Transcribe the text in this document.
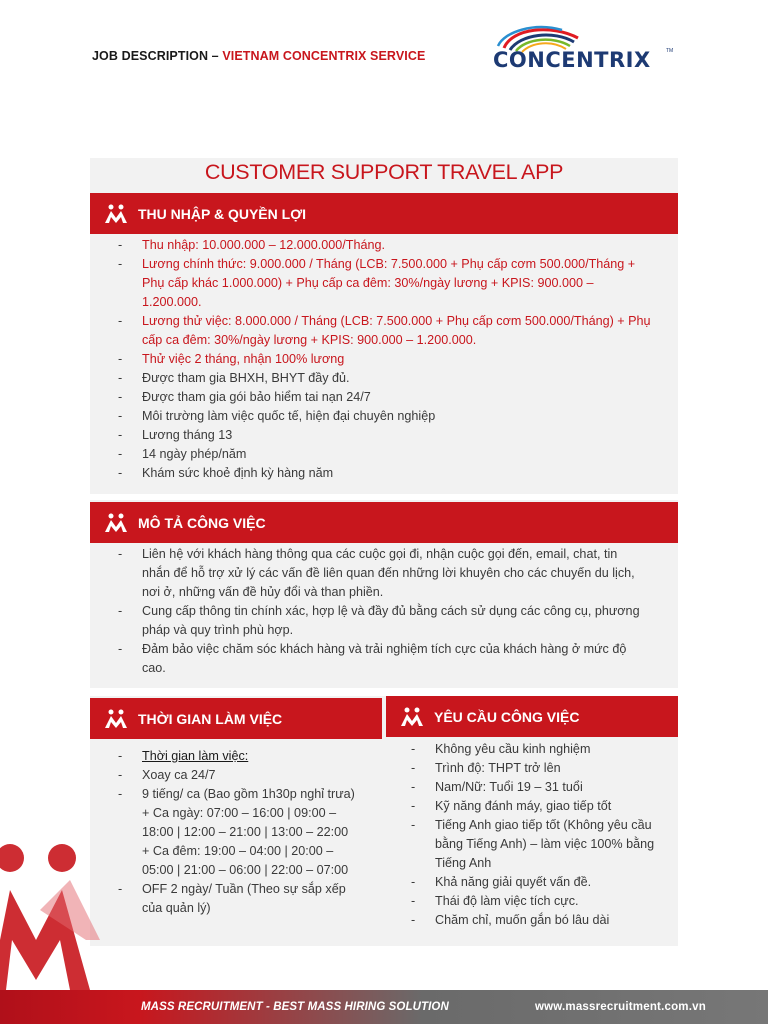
JOB DESCRIPTION – VIETNAM CONCENTRIX SERVICE	CONCENTRIX	TM
CUSTOMER SUPPORT TRAVEL APP
THU NHẬP & QUYỀN LỢI
- Thu nhập: 10.000.000 – 12.000.000/Tháng.
- Lương chính thức: 9.000.000 / Tháng (LCB: 7.500.000 + Phụ cấp cơm 500.000/Tháng +
Phụ cấp khác 1.000.000) + Phụ cấp ca đêm: 30%/ngày lương + KPIS: 900.000 –
1.200.000.
- Lương thử việc: 8.000.000 / Tháng (LCB: 7.500.000 + Phụ cấp cơm 500.000/Tháng) + Phụ
cấp ca đêm: 30%/ngày lương + KPIS: 900.000 – 1.200.000.
- Thử việc 2 tháng, nhận 100% lương
- Được tham gia BHXH, BHYT đầy đủ.
- Được tham gia gói bảo hiểm tai nạn 24/7
- Môi trường làm việc quốc tế, hiện đại chuyên nghiệp
- Lương tháng 13
- 14 ngày phép/năm
- Khám sức khoẻ định kỳ hàng năm
MÔ TẢ CÔNG VIỆC
- Liên hệ với khách hàng thông qua các cuộc gọi đi, nhận cuộc gọi đến, email, chat, tin
nhắn để hỗ trợ xử lý các vấn đề liên quan đến những lời khuyên cho các chuyến du lịch,
nơi ở, những vấn đề hủy đổi và than phiền.
- Cung cấp thông tin chính xác, hợp lệ và đầy đủ bằng cách sử dụng các công cụ, phương
pháp và quy trình phù hợp.
- Đảm bảo việc chăm sóc khách hàng và trải nghiệm tích cực của khách hàng ở mức độ
cao.
THỜI GIAN LÀM VIỆC
- Thời gian làm việc:
- Xoay ca 24/7
- 9 tiếng/ ca (Bao gồm 1h30p nghỉ trưa)
+ Ca ngày: 07:00 – 16:00 | 09:00 –
18:00 | 12:00 – 21:00 | 13:00 – 22:00
+ Ca đêm: 19:00 – 04:00 | 20:00 –
05:00 | 21:00 – 06:00 | 22:00 – 07:00
- OFF 2 ngày/ Tuần (Theo sự sắp xếp
của quản lý)
YÊU CẦU CÔNG VIỆC
- Không yêu cầu kinh nghiệm
- Trình độ: THPT trở lên
- Nam/Nữ: Tuổi 19 – 31 tuổi
- Kỹ năng đánh máy, giao tiếp tốt
- Tiếng Anh giao tiếp tốt (Không yêu cầu
bằng Tiếng Anh) – làm việc 100% bằng
Tiếng Anh
- Khả năng giải quyết vấn đề.
- Thái độ làm việc tích cực.
- Chăm chỉ, muốn gắn bó lâu dài
MASS RECRUITMENT - BEST MASS HIRING SOLUTION	www.massrecruitment.com.vn
